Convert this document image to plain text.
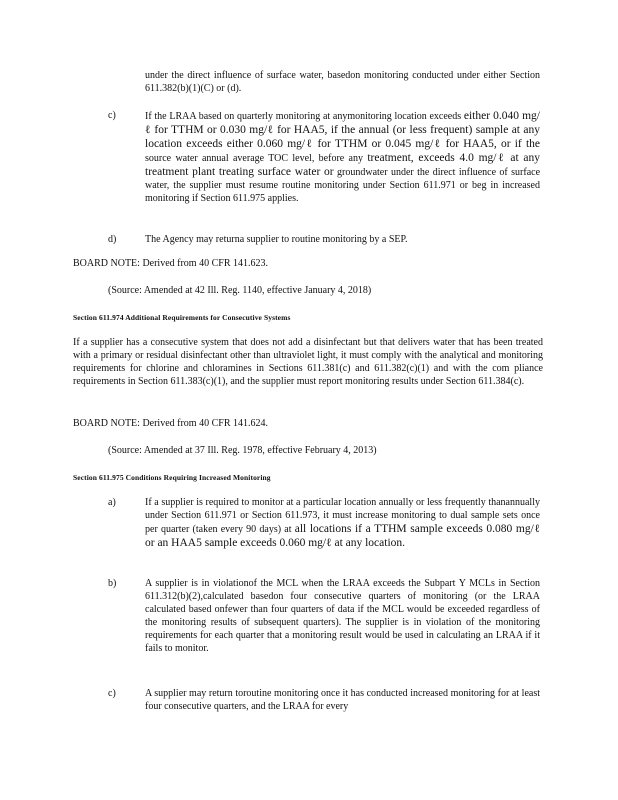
under the direct influence of surface water, basedon monitoring conducted under either Section 611.382(b)(1)(C) or (d).

c)	If the LRAA based on quarterly monitoring at anymonitoring location exceeds either 0.040 mg/ℓ for TTHM or 0.030 mg/ℓ for HAA5, if the annual (or less frequent) sample at any location exceeds either 0.060 mg/ℓ for TTHM or 0.045 mg/ℓ for HAA5, or if the source water annual average TOC level, before any treatment, exceeds 4.0 mg/ℓ at any treatment plant treating surface water or groundwater under the direct influence of surface water, the supplier must resume routine monitoring under Section 611.971 or beg in increased monitoring if Section 611.975 applies.
d)	The Agency may returna supplier to routine monitoring by a SEP.

BOARD NOTE: Derived from 40 CFR 141.623.
(Source: Amended at 42 Ill. Reg. 1140, effective January 4, 2018)
Section 611.974 Additional Requirements for Consecutive Systems

If a supplier has a consecutive system that does not add a disinfectant but that delivers water that has been treated with a primary or residual disinfectant other than ultraviolet light, it must comply with the analytical and monitoring requirements for chlorine and chloramines in Sections 611.381(c) and 611.382(c)(1) and with the com pliance requirements in Section 611.383(c)(1), and the supplier must report monitoring results under Section 611.384(c).

BOARD NOTE: Derived from 40 CFR 141.624.
(Source: Amended at 37 Ill. Reg. 1978, effective February 4, 2013)
Section 611.975 Conditions Requiring Increased Monitoring
a)	If a supplier is required to monitor at a particular location annually or less frequently thanannually under Section 611.971 or Section 611.973, it must increase monitoring to dual sample sets once per quarter (taken every 90 days) at all locations if a TTHM sample exceeds 0.080 mg/ℓ or an HAA5 sample exceeds 0.060 mg/ℓ at any location.
b)	A supplier is in violationof the MCL when the LRAA exceeds the Subpart Y MCLs in Section 611.312(b)(2),calculated basedon four consecutive quarters of monitoring (or the LRAA calculated based onfewer than four quarters of data if the MCL would be exceeded regardless of the monitoring results of subsequent quarters). The supplier is in violation of the monitoring requirements for each quarter that a monitoring result would be used in calculating an LRAA if it fails to monitor.

c)	A supplier may return toroutine monitoring once it has conducted increased monitoring for at least four consecutive quarters, and the LRAA for every
